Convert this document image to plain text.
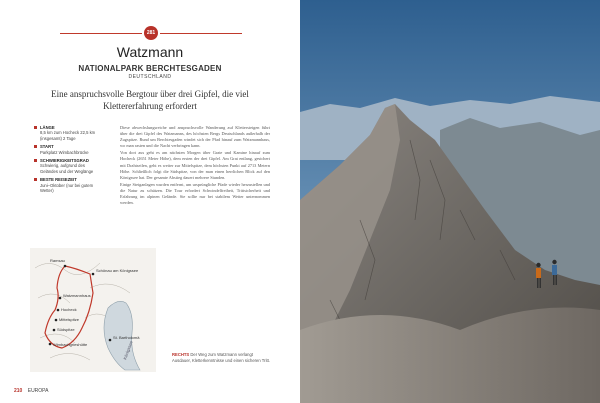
281
Watzmann
NATIONALPARK BERCHTESGADEN
DEUTSCHLAND
Eine anspruchsvolle Bergtour über drei Gipfel, die viel Klettererfahrung erfordert
LÄNGE
8,5 km zum Hocheck 22,5 km (insgesamt) 2 Tage
START
Parkplatz Wimbachbrücke
SCHWIERIGKEITSGRAD
Schwierig, aufgrund des Geländes und der Weglänge
BESTE REISEZEIT
Juni–Oktober (nur bei gutem Wetter)

Diese abwechslungsreiche und anspruchsvolle Wanderung auf Klettersteigen führt über die drei Gipfel des Watzmanns, des höchsten Bergs Deutschlands außerhalb der Zugspitze. Rund um Berchtesgaden windet sich der Pfad hinauf zum Watzmannhaus, wo man rasten und die Nacht verbringen kann.

Von dort aus geht es am nächsten Morgen über Grate und Kamine hinauf zum Hocheck (2651 Meter Höhe), dem ersten der drei Gipfel. Am Grat entlang, gesichert mit Drahtseilen, geht es weiter zur Mittelspitze, dem höchsten Punkt auf 2713 Metern Höhe. Schließlich folgt die Südspitze, von der man einen herrlichen Blick auf den Königssee hat. Der gesamte Abstieg dauert mehrere Stunden.

Einige Steiganlagen wurden entfernt, um ursprüngliche Pfade wieder herzustellen und die Natur zu schützen. Die Tour erfordert Schwindelfreiheit, Trittsicherheit und Erfahrung im alpinen Gelände. Sie sollte nur bei stabilem Wetter unternommen werden.

Ramsau
Schönau am Königssee
Watzmannhaus
Hocheck
Mittelspitze
Südspitze
Wimbachgrieshütte
St. Bartholomä
Königssee	RECHTS Der Weg zum Watzmann verlangt Ausdauer, Kletterkenntnisse und einen sicheren Tritt.
210 EUROPA
